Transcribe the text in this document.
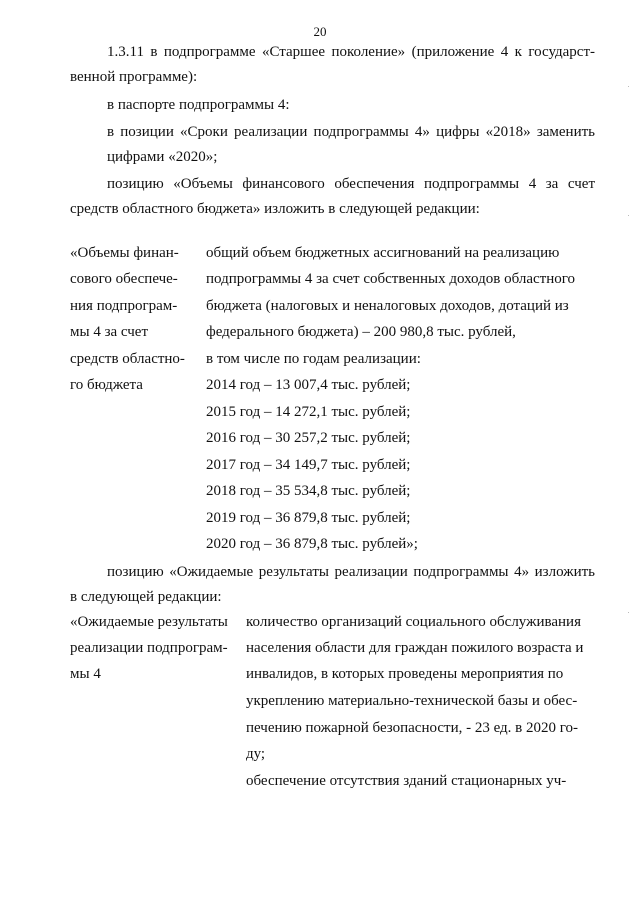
20
1.3.11 в подпрограмме «Старшее поколение» (приложение 4 к государст-
венной программе):
в паспорте подпрограммы 4:
в позиции «Сроки реализации подпрограммы 4» цифры «2018» заменить
цифрами «2020»;
позицию «Объемы финансового обеспечения подпрограммы 4 за счет
средств областного бюджета» изложить в следующей редакции:
«Объемы финан-
сового обеспече-
ния подпрограм-
мы 4 за счет
средств областно-
го бюджета
общий объем бюджетных ассигнований на реализацию
подпрограммы 4 за счет собственных доходов областного
бюджета (налоговых и неналоговых доходов, дотаций из
федерального бюджета) – 200 980,8 тыс. рублей,
в том числе по годам реализации:
2014 год – 13 007,4 тыс. рублей;
2015 год – 14 272,1 тыс. рублей;
2016 год – 30 257,2 тыс. рублей;
2017 год – 34 149,7 тыс. рублей;
2018 год – 35 534,8 тыс. рублей;
2019 год – 36 879,8 тыс. рублей;
2020 год – 36 879,8 тыс. рублей»;
позицию «Ожидаемые результаты реализации подпрограммы 4» изложить
в следующей редакции:
«Ожидаемые результаты
реализации подпрограм-
мы 4
количество организаций социального обслуживания
населения области для граждан пожилого возраста и
инвалидов, в которых проведены мероприятия по
укреплению материально-технической базы и обес-
печению пожарной безопасности, - 23 ед. в 2020 го-
ду;
обеспечение отсутствия зданий стационарных уч-
